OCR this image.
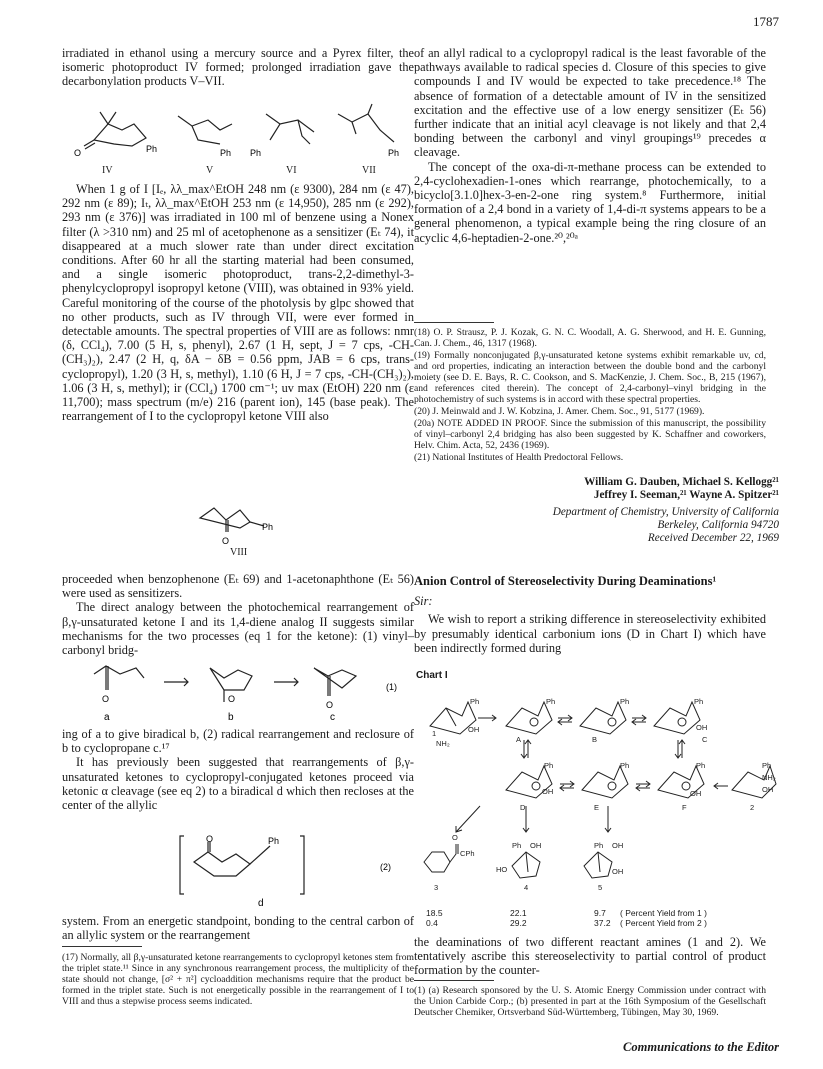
1787

irradiated in ethanol using a mercury source and a Pyrex filter, the isomeric photoproduct IV formed; prolonged irradiation gave the decarbonylation products V–VII.

O	Ph	Ph Ph	Ph
IV	V	VI	VII

When 1 g of I [Iₑ, λλ_max^EtOH 248 nm (ε 9300), 284 nm (ε 47), 292 nm (ε 89); Iₜ, λλ_max^EtOH 253 nm (ε 14,950), 285 nm (ε 292), 293 nm (ε 376)] was irradiated in 100 ml of benzene using a Nonex filter (λ >310 nm) and 25 ml of acetophenone as a sensitizer (Eₜ 74), it disappeared at a much slower rate than under direct excitation conditions. After 60 hr all the starting material had been consumed, and a single isomeric photoproduct, trans-2,2-dimethyl-3-phenylcyclopropyl isopropyl ketone (VIII), was obtained in 93% yield. Careful monitoring of the course of the photolysis by glpc showed that no other products, such as IV through VII, were ever formed in detectable amounts. The spectral properties of VIII are as follows: nmr (δ, CCl₄), 7.00 (5 H, s, phenyl), 2.67 (1 H, sept, J = 7 cps, -CH-(CH₃)₂), 2.47 (2 H, q, δA − δB = 0.56 ppm, JAB = 6 cps, trans-cyclopropyl), 1.20 (3 H, s, methyl), 1.10 (6 H, J = 7 cps, -CH-(CH₃)₂), 1.06 (3 H, s, methyl); ir (CCl₄) 1700 cm⁻¹; uv max (EtOH) 220 nm (ε 11,700); mass spectrum (m/e) 216 (parent ion), 145 (base peak). The rearrangement of I to the cyclopropyl ketone VIII also

Ph
O
VIII

proceeded when benzophenone (Eₜ 69) and 1-acetonaphthone (Eₜ 56) were used as sensitizers.

The direct analogy between the photochemical rearrangement of β,γ-unsaturated ketone I and its 1,4-diene analog II suggests similar mechanisms for the two processes (eq 1 for the ketone): (1) vinyl–carbonyl bridg-

O	O
O
(1)
a	b	c

ing of a to give biradical b, (2) radical rearrangement and reclosure of b to cyclopropane c.¹⁷

It has previously been suggested that rearrangements of β,γ-unsaturated ketones to cyclopropyl-conjugated ketones proceed via ketonic α cleavage (see eq 2) to a biradical d which then recloses at the center of the allylic

O	Ph
(2)
d

system. From an energetic standpoint, bonding to the central carbon of an allylic system or the rearrangement

(17) Normally, all β,γ-unsaturated ketone rearrangements to cyclopropyl ketones stem from the triplet state.¹¹ Since in any synchronous rearrangement process, the multiplicity of the state should not change, [σ² + π²] cycloaddition mechanisms require that the product be formed in the triplet state. Such is not energetically possible in the rearrangement of I to VIII and thus a stepwise process seems indicated.

of an allyl radical to a cyclopropyl radical is the least favorable of the pathways available to radical species d. Closure of this species to give compounds I and IV would be expected to take precedence.¹⁸ The absence of formation of a detectable amount of IV in the sensitized excitation and the effective use of a low energy sensitizer (Eₜ 56) further indicate that an initial acyl cleavage is not likely and that 2,4 bonding between the carbonyl and vinyl groupings¹⁹ precedes α cleavage.

The concept of the oxa-di-π-methane process can be extended to 2,4-cyclohexadien-1-ones which rearrange, photochemically, to a bicyclo[3.1.0]hex-3-en-2-one ring system.⁸ Furthermore, initial formation of a 2,4 bond in a variety of 1,4-di-π systems appears to be a general phenomenon, a typical example being the ring closure of an acyclic 4,6-heptadien-2-one.²⁰,²⁰ᵃ

(18) O. P. Strausz, P. J. Kozak, G. N. C. Woodall, A. G. Sherwood, and H. E. Gunning, Can. J. Chem., 46, 1317 (1968).

(19) Formally nonconjugated β,γ-unsaturated ketone systems exhibit remarkable uv, cd, and ord properties, indicating an interaction between the double bond and the carbonyl moiety (see D. E. Bays, R. C. Cookson, and S. MacKenzie, J. Chem. Soc., B, 215 (1967), and references cited therein). The concept of 2,4-carbonyl–vinyl bridging in the photochemistry of such systems is in accord with these spectral properties.

(20) J. Meinwald and J. W. Kobzina, J. Amer. Chem. Soc., 91, 5177 (1969).

(20a) NOTE ADDED IN PROOF. Since the submission of this manuscript, the possibility of vinyl–carbonyl 2,4 bridging has also been suggested by K. Schaffner and coworkers, Helv. Chim. Acta, 52, 2436 (1969).

(21) National Institutes of Health Predoctoral Fellows.

William G. Dauben, Michael S. Kellogg²¹
Jeffrey I. Seeman,²¹ Wayne A. Spitzer²¹
Department of Chemistry, University of California
Berkeley, California 94720
Received December 22, 1969

Anion Control of Stereoselectivity During Deaminations¹

Sir:

We wish to report a striking difference in stereoselectivity exhibited by presumably identical carbonium ions (D in Chart I) which have been indirectly formed during

Chart I
Ph
OH
NH₂
1
Ph
A
Ph
B
Ph
OH
C
Ph
OH
D
Ph
E
Ph
OH
F
Ph
NH₂
OH
2
O
CPh
Ph OH
HO
Ph OH
OH
3	4	5
18.5	22.1	9.7	( Percent Yield from 1 )
0.4	29.2	37.2	( Percent Yield from 2 )

the deaminations of two different reactant amines (1 and 2). We tentatively ascribe this stereoselectivity to partial control of product formation by the counter-

(1) (a) Research sponsored by the U. S. Atomic Energy Commission under contract with the Union Carbide Corp.; (b) presented in part at the 16th Symposium of the Gesellschaft Deutscher Chemiker, Ortsverband Süd-Württemberg, Tübingen, May 30, 1969.

Communications to the Editor
